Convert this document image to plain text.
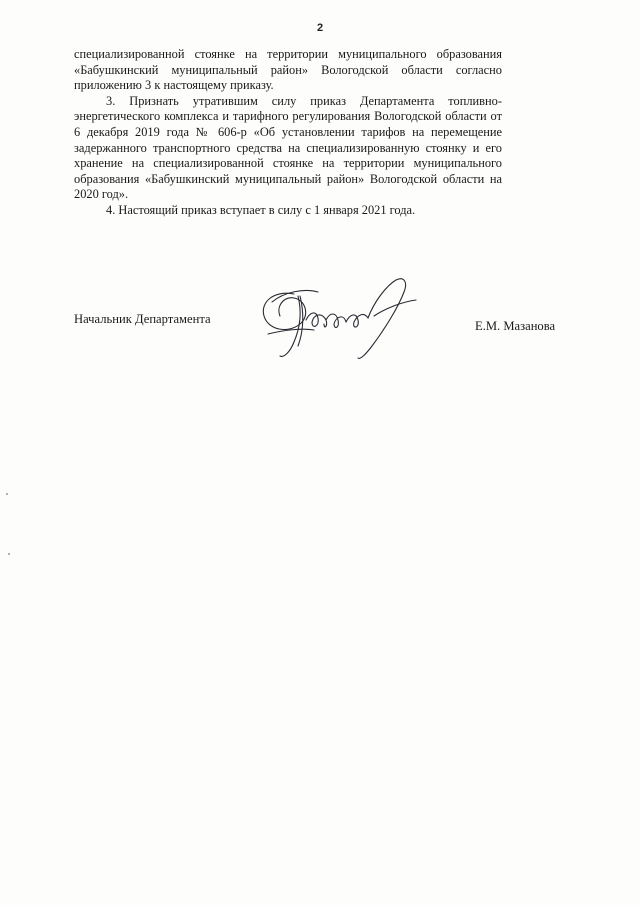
2

специализированной стоянке на территории муниципального образования «Бабушкинский муниципальный район» Вологодской области согласно приложению 3 к настоящему приказу.

3. Признать утратившим силу приказ Департамента топливно-энергетического комплекса и тарифного регулирования Вологодской области от 6 декабря 2019 года № 606-р «Об установлении тарифов на перемещение задержанного транспортного средства на специализированную стоянку и его хранение на специализированной стоянке на территории муниципального образования «Бабушкинский муниципальный район» Вологодской области на 2020 год».

4. Настоящий приказ вступает в силу с 1 января 2021 года.

Начальник Департамента	Е.М. Мазанова
